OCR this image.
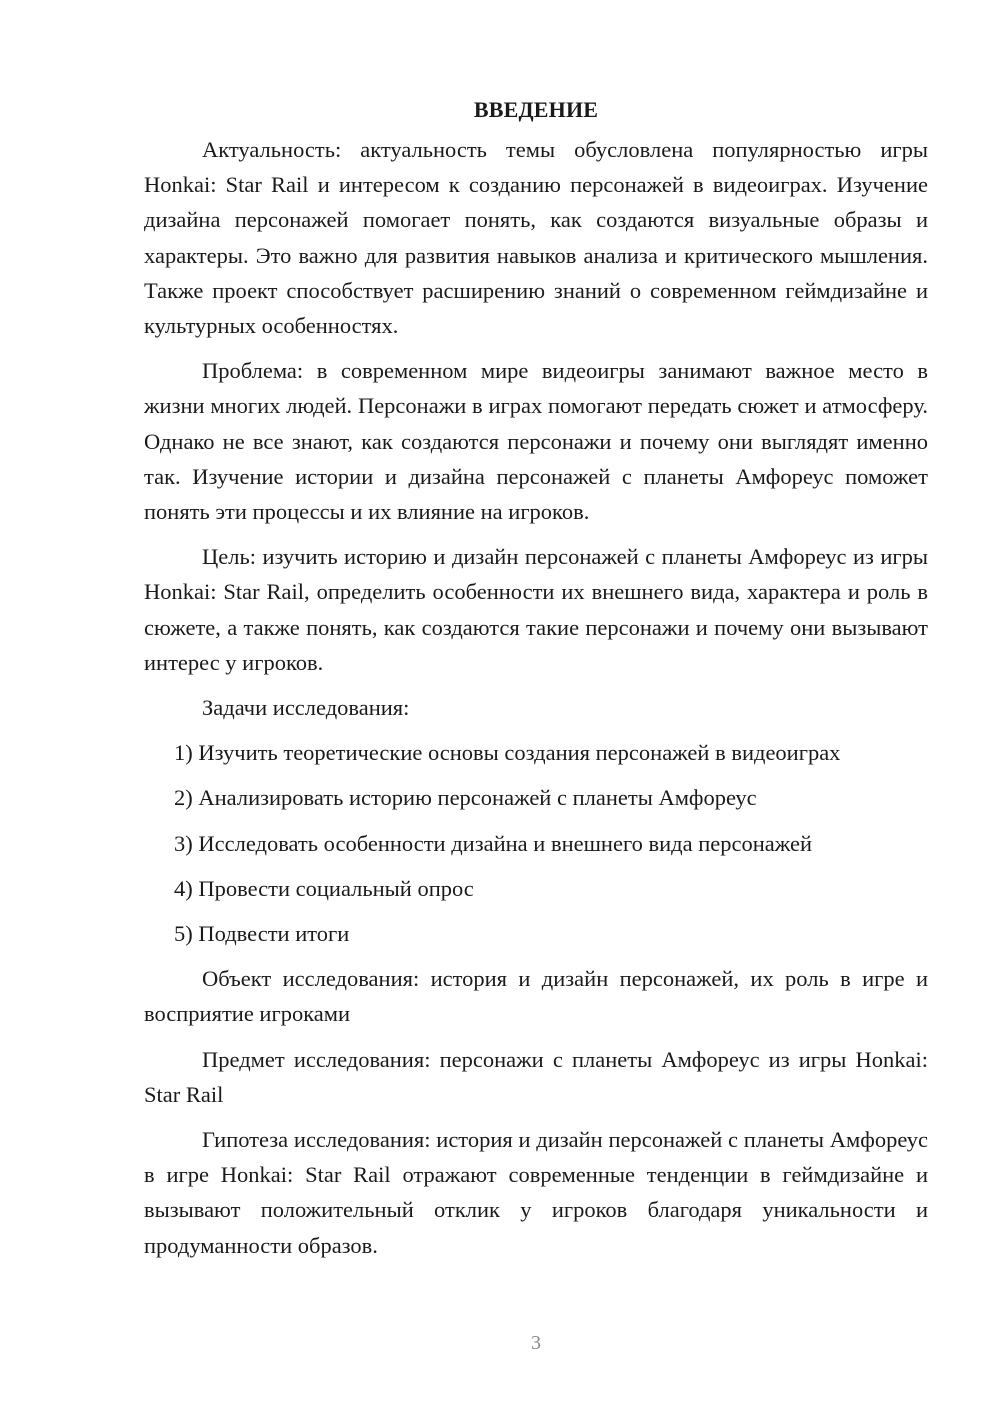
ВВЕДЕНИЕ

Актуальность: актуальность темы обусловлена популярностью игры Honkai: Star Rail и интересом к созданию персонажей в видеоиграх. Изучение дизайна персонажей помогает понять, как создаются визуальные образы и характеры. Это важно для развития навыков анализа и критического мышления. Также проект способствует расширению знаний о современном геймдизайне и культурных особенностях.

Проблема: в современном мире видеоигры занимают важное место в жизни многих людей. Персонажи в играх помогают передать сюжет и атмосферу. Однако не все знают, как создаются персонажи и почему они выглядят именно так. Изучение истории и дизайна персонажей с планеты Амфореус поможет понять эти процессы и их влияние на игроков.

Цель: изучить историю и дизайн персонажей с планеты Амфореус из игры Honkai: Star Rail, определить особенности их внешнего вида, характера и роль в сюжете, а также понять, как создаются такие персонажи и почему они вызывают интерес у игроков.

Задачи исследования:

1) Изучить теоретические основы создания персонажей в видеоиграх
2) Анализировать историю персонажей с планеты Амфореус
3) Исследовать особенности дизайна и внешнего вида персонажей
4) Провести социальный опрос
5) Подвести итоги

Объект исследования: история и дизайн персонажей, их роль в игре и восприятие игроками

Предмет исследования: персонажи с планеты Амфореус из игры Honkai: Star Rail

Гипотеза исследования: история и дизайн персонажей с планеты Амфореус в игре Honkai: Star Rail отражают современные тенденции в геймдизайне и вызывают положительный отклик у игроков благодаря уникальности и продуманности образов.

3
